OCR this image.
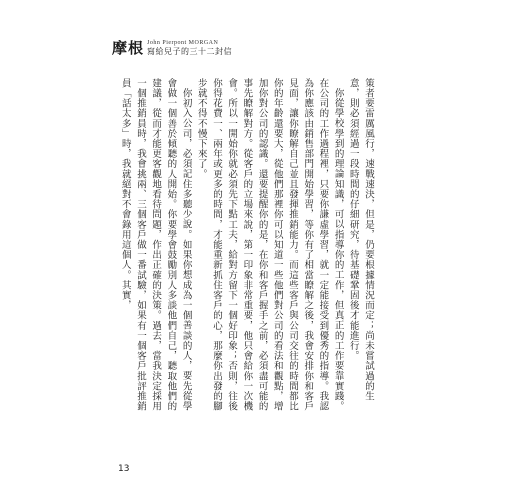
摩根 John Pierpont MORGAN
寫給兒子的三十二封信

策者要雷厲風行，速戰速決，但是，仍要根據情況而定；尚未嘗試過的生意，則必須經過一段時間的仔細研究，待基礎鞏固後才能進行。

你從學校學到的理論知識，可以指導你的工作，但真正的工作要靠實踐。在公司的工作過程裡，只要你謙虛學習，就一定能接受到優秀的指導。我認為你應該由銷售部門開始學習，等你有了相當瞭解之後，我會安排你和客戶見面，讓你瞭解自己並且發揮推銷能力。而這些客戶與公司交往的時間都比你的年齡還要大，從他們那裡你可以知道一些他們對公司的看法和觀點，增加你對公司的認識。還要提醒你的是，在你和客戶握手之前，必須盡可能的事先瞭解對方。從客戶的立場來說，第一印象非常重要，他只會給你一次機會。所以一開始你就必須先下點工夫，給對方留下一個好印象；否則，往後你得花費一、兩年或更多的時間，才能重新抓住客戶的心，那麼你出發的腳步就不得不慢下來了。

你初入公司，必須記住多聽少說。如果你想成為一個善談的人，要先從學會做一個善於傾聽的人開始。你要學會鼓勵別人多談他們自己，聽取他們的建議，從而才能更客觀地看待問題，作出正確的決策。過去，當我決定採用一個推銷員時，我會挑兩、三個客戶做一番試驗，如果有一個客戶批評推銷員「話太多」時，我就絕對不會錄用這個人。其實，

13
